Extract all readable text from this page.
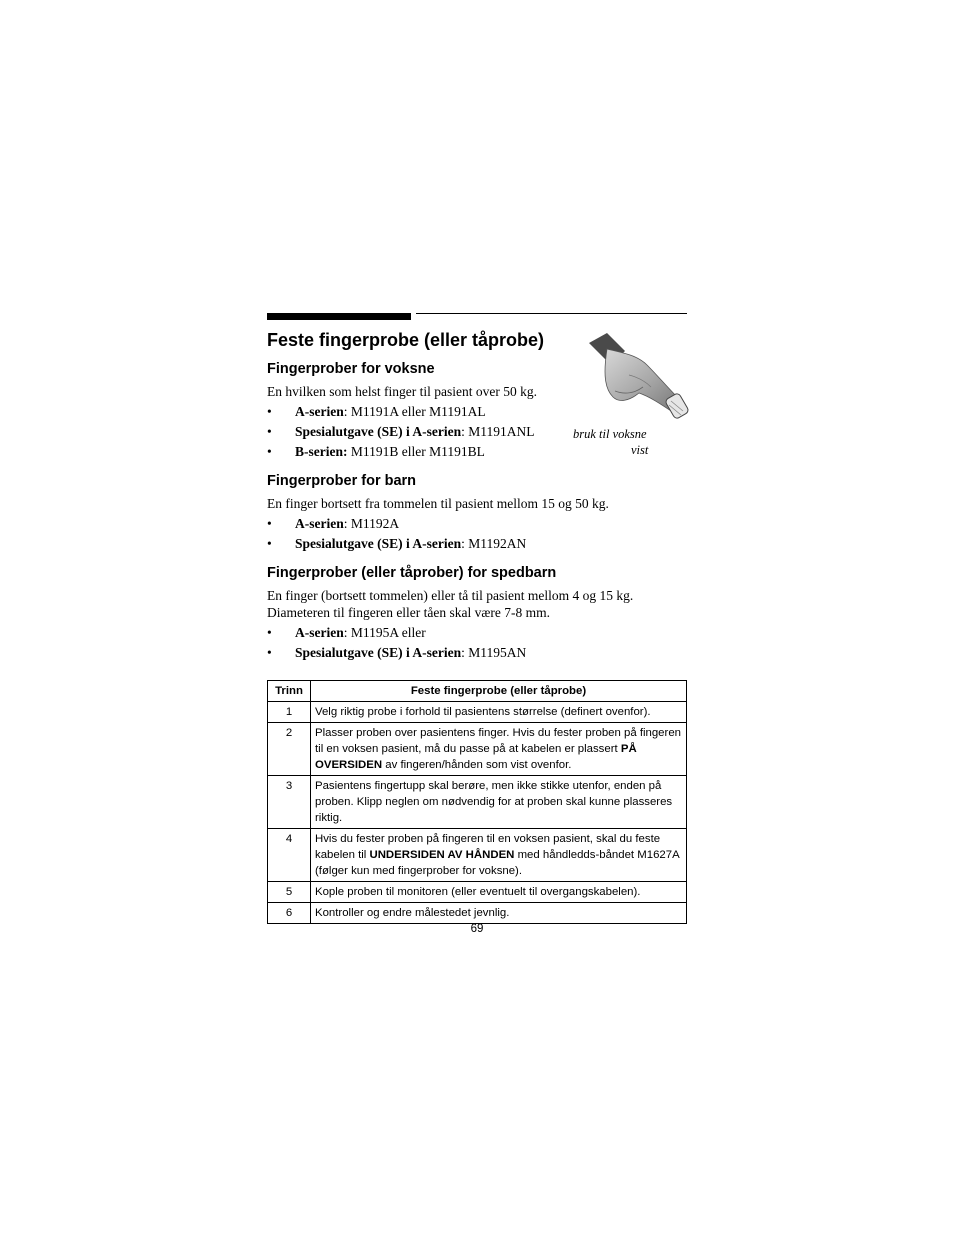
Feste fingerprobe (eller tåprobe)
bruk til voksne
vist
Fingerprober for voksne

En hvilken som helst finger til pasient over 50 kg.

• A-serien: M1191A eller M1191AL
• Spesialutgave (SE) i A-serien: M1191ANL
• B-serien: M1191B eller M1191BL
Fingerprober for barn

En finger bortsett fra tommelen til pasient mellom 15 og 50 kg.

• A-serien: M1192A
• Spesialutgave (SE) i A-serien: M1192AN
Fingerprober (eller tåprober) for spedbarn

En finger (bortsett tommelen) eller tå til pasient mellom 4 og 15 kg.

Diameteren til fingeren eller tåen skal være 7-8 mm.

• A-serien: M1195A eller
• Spesialutgave (SE) i A-serien: M1195AN
Trinn	Feste fingerprobe (eller tåprobe)
1	Velg riktig probe i forhold til pasientens størrelse (definert ovenfor).
2	Plasser proben over pasientens finger. Hvis du fester proben på fingeren til en voksen pasient, må du passe på at kabelen er plassert PÅ OVERSIDEN av fingeren/hånden som vist ovenfor.
3	Pasientens fingertupp skal berøre, men ikke stikke utenfor, enden på proben. Klipp neglen om nødvendig for at proben skal kunne plasseres riktig.
4	Hvis du fester proben på fingeren til en voksen pasient, skal du feste kabelen til UNDERSIDEN AV HÅNDEN med håndledds-båndet M1627A (følger kun med fingerprober for voksne).
5	Kople proben til monitoren (eller eventuelt til overgangskabelen).
6	Kontroller og endre målestedet jevnlig.
69
